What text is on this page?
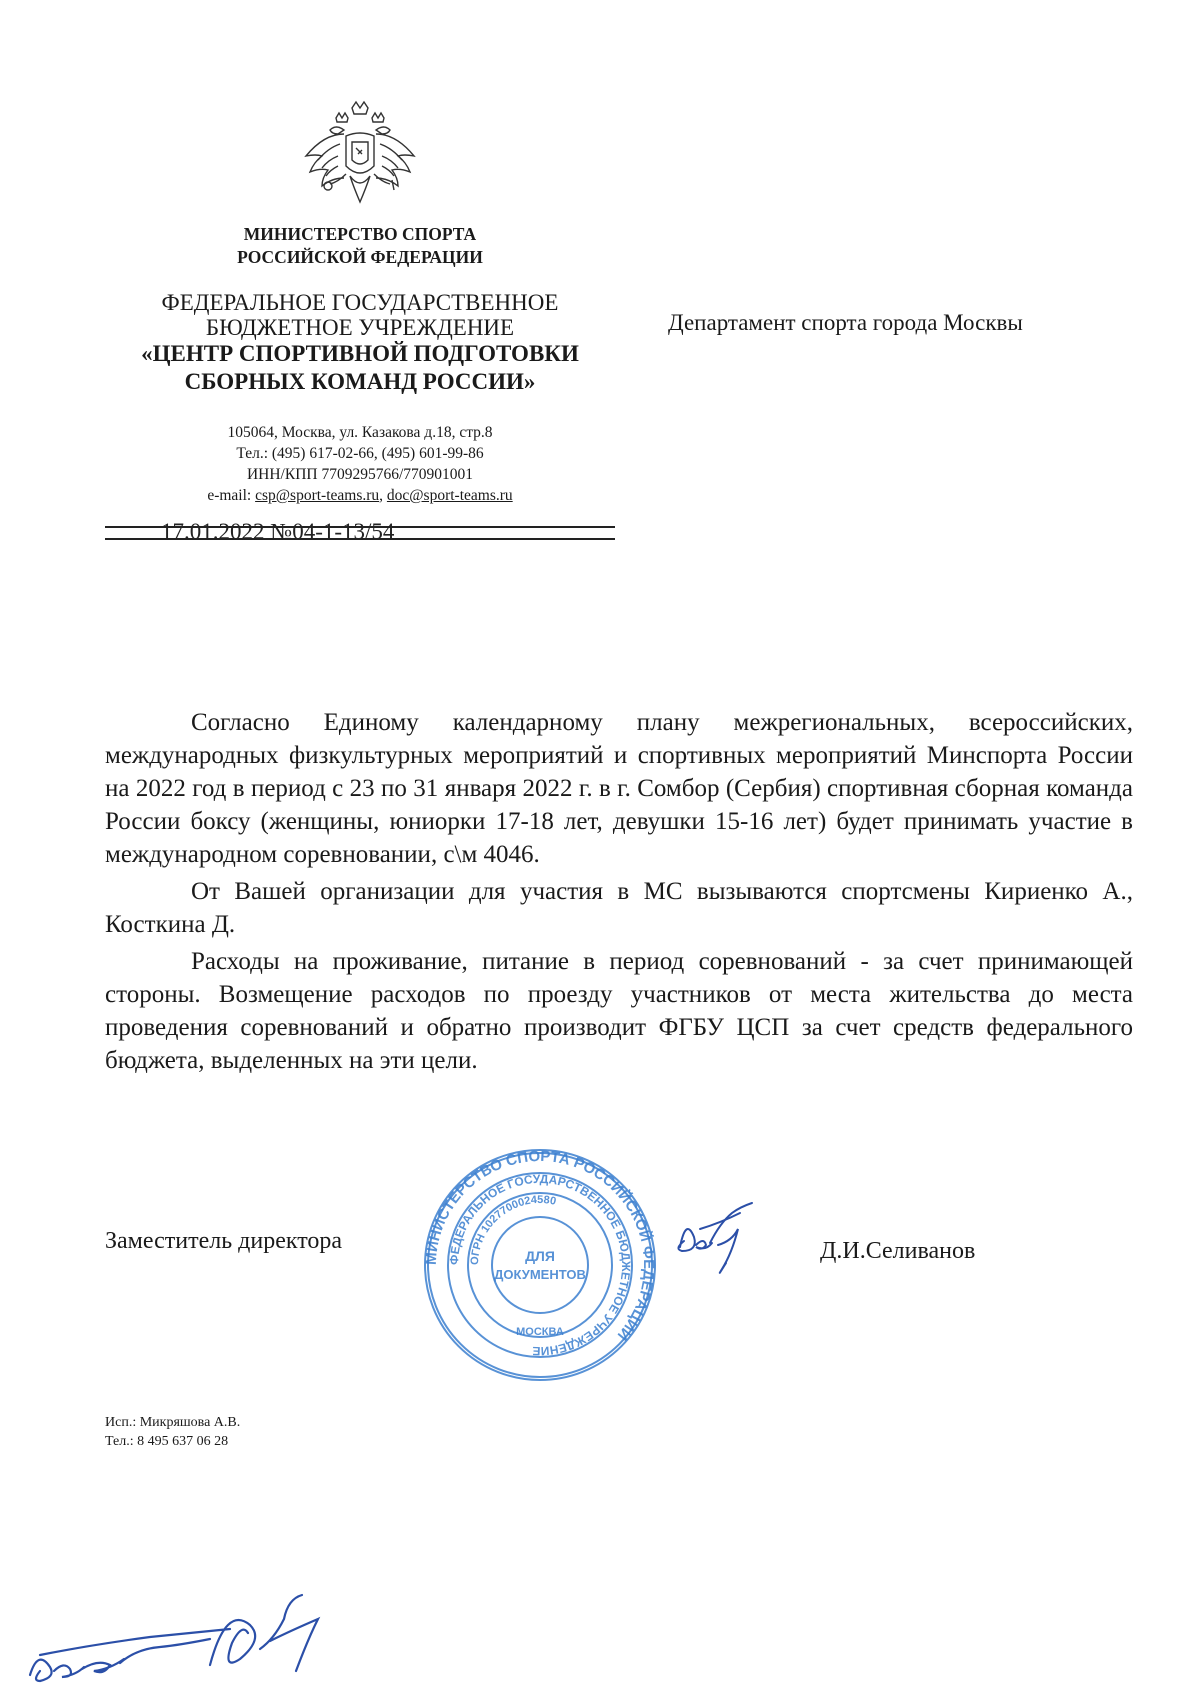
МИНИСТЕРСТВО СПОРТА
РОССИЙСКОЙ ФЕДЕРАЦИИ
ФЕДЕРАЛЬНОЕ ГОСУДАРСТВЕННОЕ
БЮДЖЕТНОЕ УЧРЕЖДЕНИЕ
«ЦЕНТР СПОРТИВНОЙ ПОДГОТОВКИ
СБОРНЫХ КОМАНД РОССИИ»
105064, Москва, ул. Казакова д.18, стр.8
Тел.: (495) 617-02-66, (495) 601-99-86
ИНН/КПП 7709295766/770901001
e-mail: csp@sport-teams.ru, doc@sport-teams.ru
17.01.2022 №04-1-13/54
Департамент спорта города Москвы

Согласно Единому календарному плану межрегиональных, всероссийских, международных физкультурных мероприятий и спортивных мероприятий Минспорта России на 2022 год в период с 23 по 31 января 2022 г. в г. Сомбор (Сербия) спортивная сборная команда России боксу (женщины, юниорки 17-18 лет, девушки 15-16 лет) будет принимать участие в международном соревновании, с\м 4046.

От Вашей организации для участия в МС вызываются спортсмены Кириенко А., Косткина Д.

Расходы на проживание, питание в период соревнований - за счет принимающей стороны. Возмещение расходов по проезду участников от места жительства до места проведения соревнований и обратно производит ФГБУ ЦСП за счет средств федерального бюджета, выделенных на эти цели.

Заместитель директора	Д.И.Селиванов
МИНИСТЕРСТВО СПОРТА РОССИЙСКОЙ ФЕДЕРАЦИИ
ФЕДЕРАЛЬНОЕ ГОСУДАРСТВЕННОЕ БЮДЖЕТНОЕ УЧРЕЖДЕНИЕ
ОГРН 1027700024580
ДЛЯ
ДОКУМЕНТОВ
МОСКВА
Исп.: Микряшова А.В.
Тел.: 8 495 637 06 28
